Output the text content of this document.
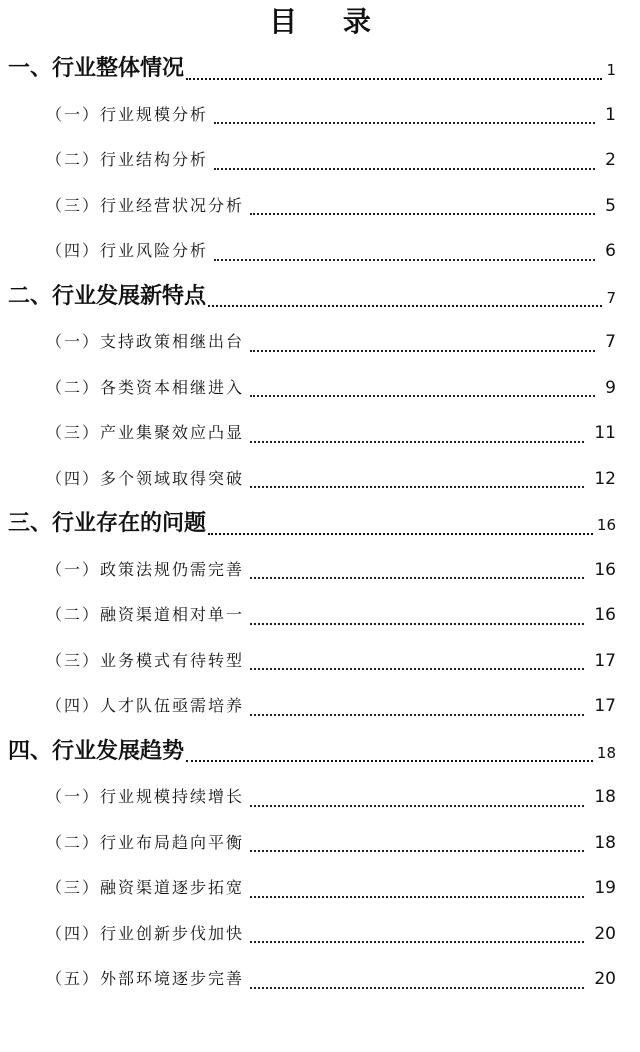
目 录
一、行业整体情况	1
（一）行业规模分析	1
（二）行业结构分析	2
（三）行业经营状况分析	5
（四）行业风险分析	6
二、行业发展新特点	7
（一）支持政策相继出台	7
（二）各类资本相继进入	9
（三）产业集聚效应凸显	11
（四）多个领域取得突破	12
三、行业存在的问题	16
（一）政策法规仍需完善	16
（二）融资渠道相对单一	16
（三）业务模式有待转型	17
（四）人才队伍亟需培养	17
四、行业发展趋势	18
（一）行业规模持续增长	18
（二）行业布局趋向平衡	18
（三）融资渠道逐步拓宽	19
（四）行业创新步伐加快	20
（五）外部环境逐步完善	20
